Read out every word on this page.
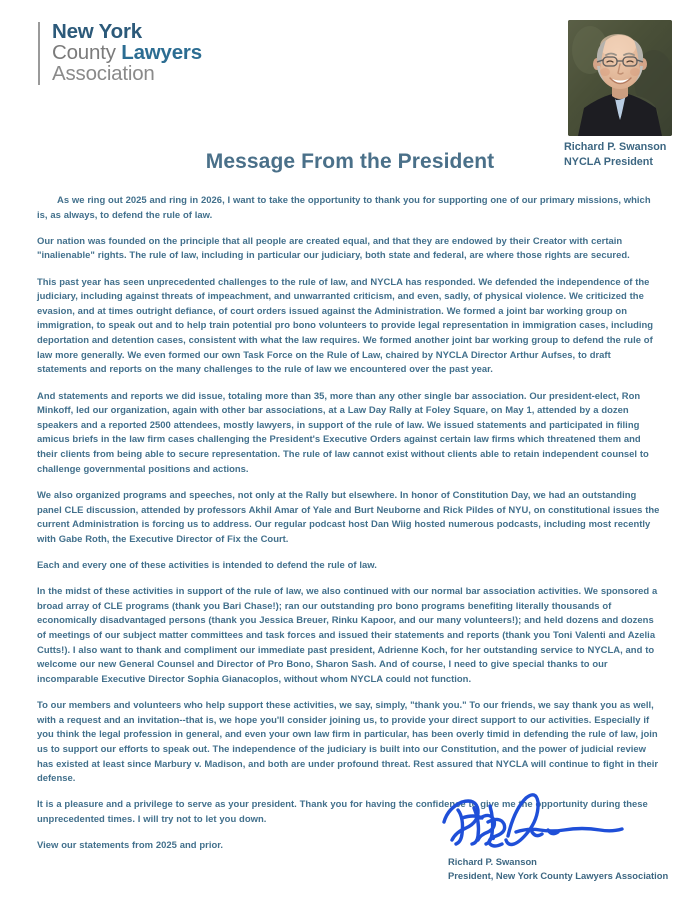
New York
County Lawyers
Association
Richard P. Swanson
NYCLA President
Message From the President

As we ring out 2025 and ring in 2026, I want to take the opportunity to thank you for supporting one of our primary missions, which is, as always, to defend the rule of law.

Our nation was founded on the principle that all people are created equal, and that they are endowed by their Creator with certain "inalienable" rights. The rule of law, including in particular our judiciary, both state and federal, are where those rights are secured.

This past year has seen unprecedented challenges to the rule of law, and NYCLA has responded. We defended the independence of the judiciary, including against threats of impeachment, and unwarranted criticism, and even, sadly, of physical violence. We criticized the evasion, and at times outright defiance, of court orders issued against the Administration. We formed a joint bar working group on immigration, to speak out and to help train potential pro bono volunteers to provide legal representation in immigration cases, including deportation and detention cases, consistent with what the law requires. We formed another joint bar working group to defend the rule of law more generally. We even formed our own Task Force on the Rule of Law, chaired by NYCLA Director Arthur Aufses, to draft statements and reports on the many challenges to the rule of law we encountered over the past year.

And statements and reports we did issue, totaling more than 35, more than any other single bar association. Our president-elect, Ron Minkoff, led our organization, again with other bar associations, at a Law Day Rally at Foley Square, on May 1, attended by a dozen speakers and a reported 2500 attendees, mostly lawyers, in support of the rule of law. We issued statements and participated in filing amicus briefs in the law firm cases challenging the President's Executive Orders against certain law firms which threatened them and their clients from being able to secure representation. The rule of law cannot exist without clients able to retain independent counsel to challenge governmental positions and actions.

We also organized programs and speeches, not only at the Rally but elsewhere. In honor of Constitution Day, we had an outstanding panel CLE discussion, attended by professors Akhil Amar of Yale and Burt Neuborne and Rick Pildes of NYU, on constitutional issues the current Administration is forcing us to address. Our regular podcast host Dan Wiig hosted numerous podcasts, including most recently with Gabe Roth, the Executive Director of Fix the Court.

Each and every one of these activities is intended to defend the rule of law.

In the midst of these activities in support of the rule of law, we also continued with our normal bar association activities. We sponsored a broad array of CLE programs (thank you Bari Chase!); ran our outstanding pro bono programs benefiting literally thousands of economically disadvantaged persons (thank you Jessica Breuer, Rinku Kapoor, and our many volunteers!); and held dozens and dozens of meetings of our subject matter committees and task forces and issued their statements and reports (thank you Toni Valenti and Azelia Cutts!). I also want to thank and compliment our immediate past president, Adrienne Koch, for her outstanding service to NYCLA, and to welcome our new General Counsel and Director of Pro Bono, Sharon Sash. And of course, I need to give special thanks to our incomparable Executive Director Sophia Gianacoplos, without whom NYCLA could not function.

To our members and volunteers who help support these activities, we say, simply, "thank you." To our friends, we say thank you as well, with a request and an invitation--that is, we hope you'll consider joining us, to provide your direct support to our activities. Especially if you think the legal profession in general, and even your own law firm in particular, has been overly timid in defending the rule of law, join us to support our efforts to speak out. The independence of the judiciary is built into our Constitution, and the power of judicial review has existed at least since Marbury v. Madison, and both are under profound threat. Rest assured that NYCLA will continue to fight in their defense.

It is a pleasure and a privilege to serve as your president. Thank you for having the confidence to give me the opportunity during these unprecedented times. I will try not to let you down.

View our statements from 2025 and prior.

Richard P. Swanson
President, New York County Lawyers Association
